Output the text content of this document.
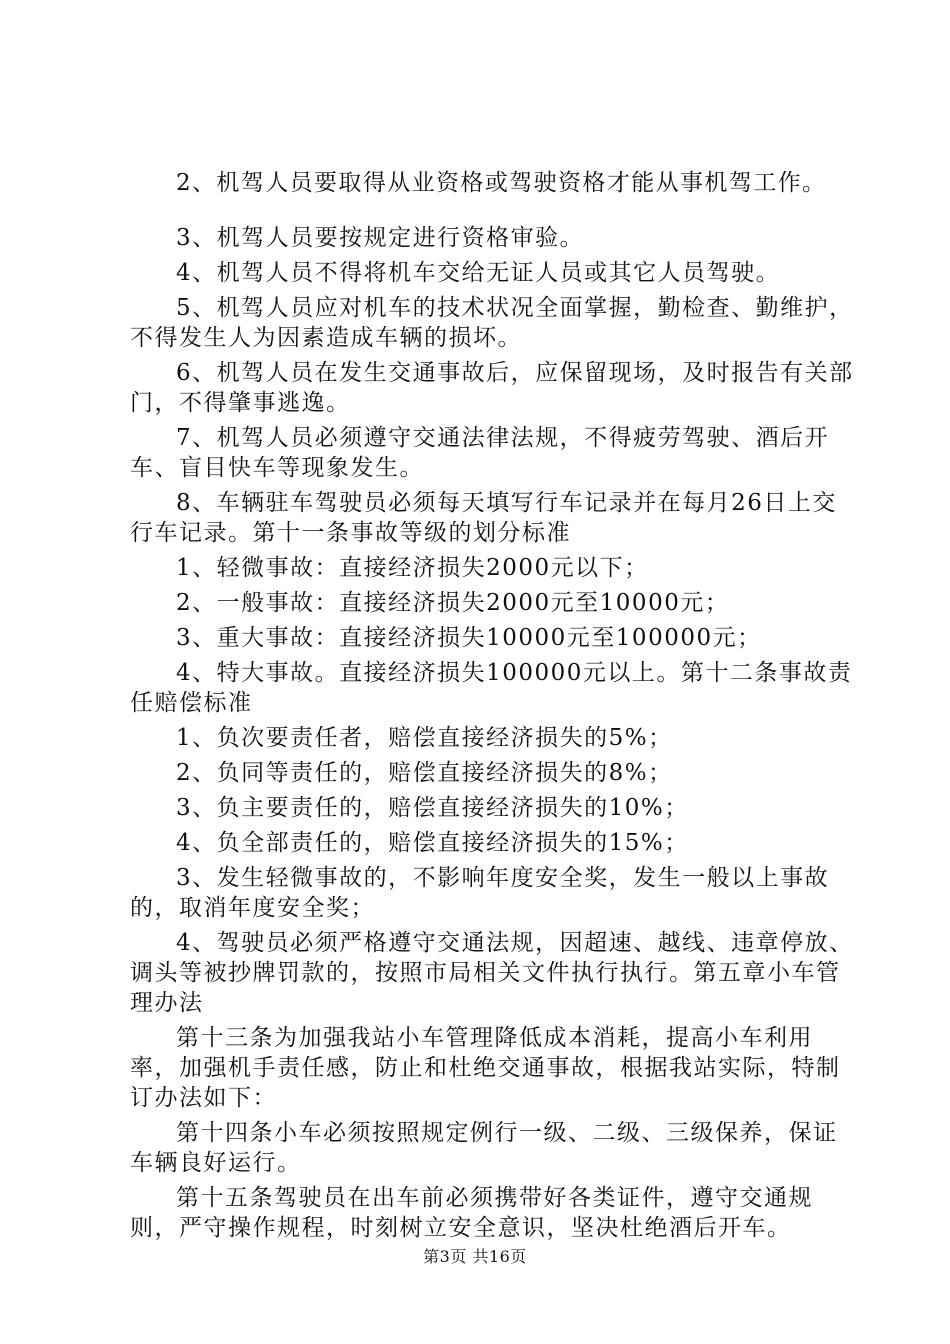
2、机驾人员要取得从业资格或驾驶资格才能从事机驾工作。

3、机驾人员要按规定进行资格审验。

4、机驾人员不得将机车交给无证人员或其它人员驾驶。

5、机驾人员应对机车的技术状况全面掌握，勤检查、勤维护，不得发生人为因素造成车辆的损坏。

6、机驾人员在发生交通事故后，应保留现场，及时报告有关部门，不得肇事逃逸。

7、机驾人员必须遵守交通法律法规，不得疲劳驾驶、酒后开车、盲目快车等现象发生。

8、车辆驻车驾驶员必须每天填写行车记录并在每月26日上交行车记录。第十一条事故等级的划分标准

1、轻微事故：直接经济损失2000元以下；

2、一般事故：直接经济损失2000元至10000元；

3、重大事故：直接经济损失10000元至100000元；

4、特大事故。直接经济损失100000元以上。第十二条事故责任赔偿标准

1、负次要责任者，赔偿直接经济损失的5%；

2、负同等责任的，赔偿直接经济损失的8%；

3、负主要责任的，赔偿直接经济损失的10%；

4、负全部责任的，赔偿直接经济损失的15%；

3、发生轻微事故的，不影响年度安全奖，发生一般以上事故的，取消年度安全奖；

4、驾驶员必须严格遵守交通法规，因超速、越线、违章停放、调头等被抄牌罚款的，按照市局相关文件执行执行。第五章小车管理办法

第十三条为加强我站小车管理降低成本消耗，提高小车利用率，加强机手责任感，防止和杜绝交通事故，根据我站实际，特制订办法如下：

第十四条小车必须按照规定例行一级、二级、三级保养，保证车辆良好运行。

第十五条驾驶员在出车前必须携带好各类证件，遵守交通规则，严守操作规程，时刻树立安全意识，坚决杜绝酒后开车。

第3页 共16页
